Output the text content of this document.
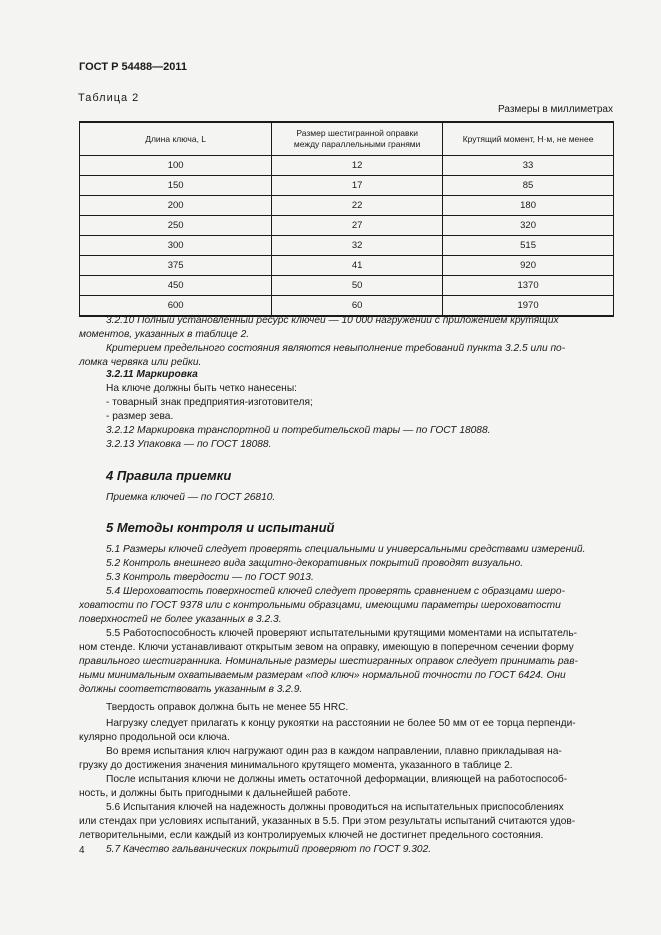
ГОСТ Р 54488—2011
Таблица 2
Размеры в миллиметрах
Длина ключа, L	Размер шестигранной оправки между параллельными гранями	Крутящий момент, Н·м, не менее
100	12	33
150	17	85
200	22	180
250	27	320
300	32	515
375	41	920
450	50	1370
600	60	1970
3.2.10 Полный установленный ресурс ключей — 10 000 нагружений с приложением крутящих
моментов, указанных в таблице 2.
Критерием предельного состояния являются невыполнение требований пункта 3.2.5 или по-
ломка червяка или рейки.
3.2.11 Маркировка
На ключе должны быть четко нанесены:
- товарный знак предприятия-изготовителя;
- размер зева.
3.2.12 Маркировка транспортной и потребительской тары — по ГОСТ 18088.
3.2.13 Упаковка — по ГОСТ 18088.
4 Правила приемки
Приемка ключей — по ГОСТ 26810.
5 Методы контроля и испытаний
5.1 Размеры ключей следует проверять специальными и универсальными средствами измерений.
5.2 Контроль внешнего вида защитно-декоративных покрытий проводят визуально.
5.3 Контроль твердости — по ГОСТ 9013.
5.4 Шероховатость поверхностей ключей следует проверять сравнением с образцами шеро-
ховатости по ГОСТ 9378 или с контрольными образцами, имеющими параметры шероховатости
поверхностей не более указанных в 3.2.3.
5.5 Работоспособность ключей проверяют испытательными крутящими моментами на испытатель-
ном стенде. Ключи устанавливают открытым зевом на оправку, имеющую в поперечном сечении форму
правильного шестигранника. Номинальные размеры шестигранных оправок следует принимать рав-
ными минимальным охватываемым размерам «под ключ» нормальной точности по ГОСТ 6424. Они
должны соответствовать указанным в 3.2.9.
Твердость оправок должна быть не менее 55 HRC.
Нагрузку следует прилагать к концу рукоятки на расстоянии не более 50 мм от ее торца перпенди-
кулярно продольной оси ключа.
Во время испытания ключ нагружают один раз в каждом направлении, плавно прикладывая на-
грузку до достижения значения минимального крутящего момента, указанного в таблице 2.
После испытания ключи не должны иметь остаточной деформации, влияющей на работоспособ-
ность, и должны быть пригодными к дальнейшей работе.
5.6 Испытания ключей на надежность должны проводиться на испытательных приспособлениях
или стендах при условиях испытаний, указанных в 5.5. При этом результаты испытаний считаются удов-
летворительными, если каждый из контролируемых ключей не достигнет предельного состояния.
5.7 Качество гальванических покрытий проверяют по ГОСТ 9.302.
4
